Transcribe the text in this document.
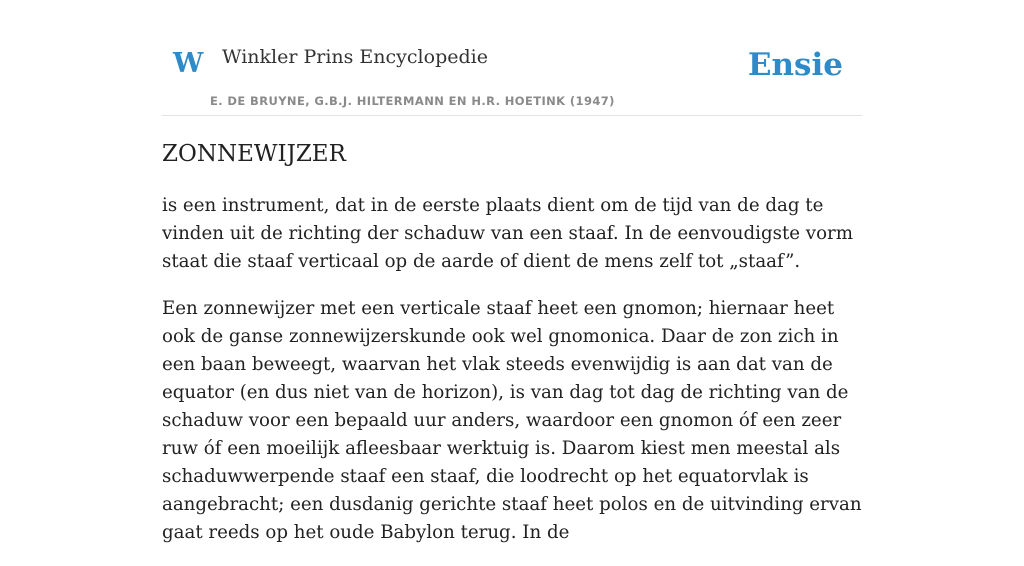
W Winkler Prins Encyclopedie
E. DE BRUYNE, G.B.J. HILTERMANN EN H.R. HOETINK (1947)
Ensie
ZONNEWIJZER

is een instrument, dat in de eerste plaats dient om de tijd van de dag te vinden uit de richting der schaduw van een staaf. In de eenvoudigste vorm staat die staaf verticaal op de aarde of dient de mens zelf tot „staaf”.

Een zonnewijzer met een verticale staaf heet een gnomon; hiernaar heet ook de ganse zonnewijzerskunde ook wel gnomonica. Daar de zon zich in een baan beweegt, waarvan het vlak steeds evenwijdig is aan dat van de equator (en dus niet van de horizon), is van dag tot dag de richting van de schaduw voor een bepaald uur anders, waardoor een gnomon óf een zeer ruw óf een moeilijk afleesbaar werktuig is. Daarom kiest men meestal als schaduwwerpende staaf een staaf, die loodrecht op het equatorvlak is aangebracht; een dusdanig gerichte staaf heet polos en de uitvinding ervan gaat reeds op het oude Babylon terug. In de
